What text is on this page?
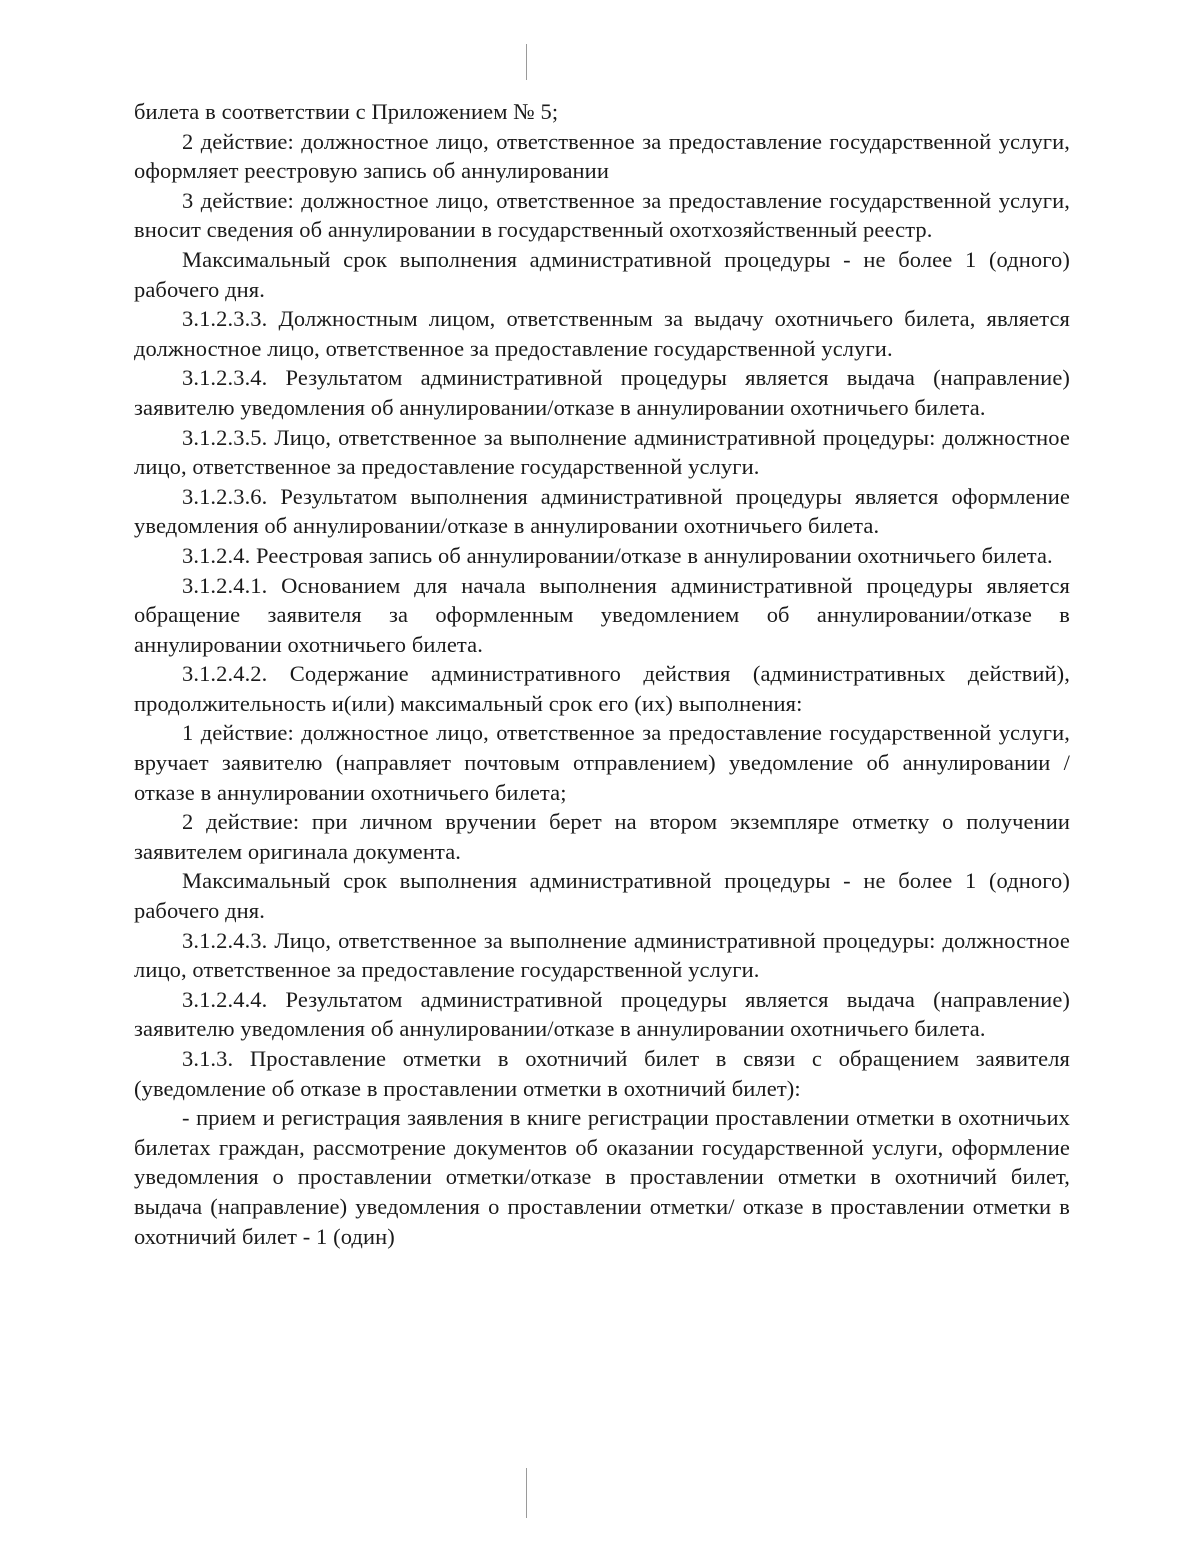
билета в соответствии с Приложением № 5;

2 действие: должностное лицо, ответственное за предоставление государственной услуги, оформляет реестровую запись об аннулировании

3 действие: должностное лицо, ответственное за предоставление государственной услуги, вносит сведения об аннулировании в государственный охотхозяйственный реестр.

Максимальный срок выполнения административной процедуры - не более 1 (одного) рабочего дня.

3.1.2.3.3. Должностным лицом, ответственным за выдачу охотничьего билета, является должностное лицо, ответственное за предоставление государственной услуги.

3.1.2.3.4. Результатом административной процедуры является выдача (направление) заявителю уведомления об аннулировании/отказе в аннулировании охотничьего билета.

3.1.2.3.5. Лицо, ответственное за выполнение административной процедуры: должностное лицо, ответственное за предоставление государственной услуги.

3.1.2.3.6. Результатом выполнения административной процедуры является оформление уведомления об аннулировании/отказе в аннулировании охотничьего билета.

3.1.2.4. Реестровая запись об аннулировании/отказе в аннулировании охотничьего билета.

3.1.2.4.1. Основанием для начала выполнения административной процедуры является обращение заявителя за оформленным уведомлением об аннулировании/отказе в аннулировании охотничьего билета.

3.1.2.4.2. Содержание административного действия (административных действий), продолжительность и(или) максимальный срок его (их) выполнения:

1 действие: должностное лицо, ответственное за предоставление государственной услуги, вручает заявителю (направляет почтовым отправлением) уведомление об аннулировании /отказе в аннулировании охотничьего билета;

2 действие: при личном вручении берет на втором экземпляре отметку о получении заявителем оригинала документа.

Максимальный срок выполнения административной процедуры - не более 1 (одного) рабочего дня.

3.1.2.4.3. Лицо, ответственное за выполнение административной процедуры: должностное лицо, ответственное за предоставление государственной услуги.

3.1.2.4.4. Результатом административной процедуры является выдача (направление) заявителю уведомления об аннулировании/отказе в аннулировании охотничьего билета.

3.1.3. Проставление отметки в охотничий билет в связи с обращением заявителя (уведомление об отказе в проставлении отметки в охотничий билет):

- прием и регистрация заявления в книге регистрации проставлении отметки в охотничьих билетах граждан, рассмотрение документов об оказании государственной услуги, оформление уведомления о проставлении отметки/отказе в проставлении отметки в охотничий билет, выдача (направление) уведомления о проставлении отметки/ отказе в проставлении отметки в охотничий билет - 1 (один)
